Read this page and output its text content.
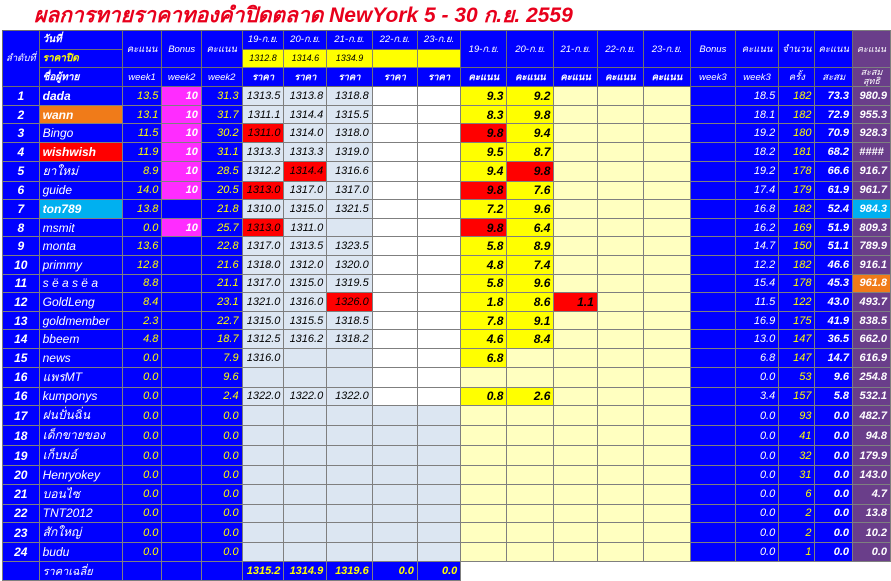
ผลการทายราคาทองคำปิดตลาด NewYork 5 - 30 ก.ย. 2559
ลำดับที่	วันที่	คะแนน	Bonus	คะแนน	19-ก.ย.	20-ก.ย.	21-ก.ย.	22-ก.ย.	23-ก.ย.	19-ก.ย.	20-ก.ย.	21-ก.ย.	22-ก.ย.	23-ก.ย.	Bonus	คะแนน	จำนวน	คะแนน	คะแนน
	ราคาปิด				1312.8	1314.6	1334.9												
	ชื่อผู้ทาย	week1	week2	week2	ราคา	ราคา	ราคา	ราคา	ราคา	คะแนน	คะแนน	คะแนน	คะแนน	คะแนน	week3	week3	ครั้ง	สะสม	สะสม
สุทธิ
1	dada	13.5	10	31.3	1313.5	1313.8	1318.8			9.3	9.2					18.5	182	73.3	980.9
2	wann	13.1	10	31.7	1311.1	1314.4	1315.5			8.3	9.8					18.1	182	72.9	955.3
3	Bingo	11.5	10	30.2	1311.0	1314.0	1318.0			9.8	9.4					19.2	180	70.9	928.3
4	wishwish	11.9	10	31.1	1313.3	1313.3	1319.0			9.5	8.7					18.2	181	68.2	####
5	ยาใหม่	8.9	10	28.5	1312.2	1314.4	1316.6			9.4	9.8					19.2	178	66.6	916.7
6	guide	14.0	10	20.5	1313.0	1317.0	1317.0			9.8	7.6					17.4	179	61.9	961.7
7	ton789	13.8		21.8	1310.0	1315.0	1321.5			7.2	9.6					16.8	182	52.4	984.3
8	msmit	0.0	10	25.7	1313.0	1311.0				9.8	6.4					16.2	169	51.9	809.3
9	monta	13.6		22.8	1317.0	1313.5	1323.5			5.8	8.9					14.7	150	51.1	789.9
10	primmy	12.8		21.6	1318.0	1312.0	1320.0			4.8	7.4					12.2	182	46.6	916.1
11	s ë a s ë a	8.8		21.1	1317.0	1315.0	1319.5			5.8	9.6					15.4	178	45.3	961.8
12	GoldLeng	8.4		23.1	1321.0	1316.0	1326.0			1.8	8.6	1.1				11.5	122	43.0	493.7
13	goldmember	2.3		22.7	1315.0	1315.5	1318.5			7.8	9.1					16.9	175	41.9	838.5
14	bbeem	4.8		18.7	1312.5	1316.2	1318.2			4.6	8.4					13.0	147	36.5	662.0
15	news	0.0		7.9	1316.0					6.8						6.8	147	14.7	616.9
16	แพรMT	0.0		9.6												0.0	53	9.6	254.8
16	kumponys	0.0		2.4	1322.0	1322.0	1322.0			0.8	2.6					3.4	157	5.8	532.1
17	ฝนปั่นฉิ่น	0.0		0.0												0.0	93	0.0	482.7
18	เด็กขายของ	0.0		0.0												0.0	41	0.0	94.8
19	เก็บมอ์	0.0		0.0												0.0	32	0.0	179.9
20	Henryokey	0.0		0.0												0.0	31	0.0	143.0
21	บอนไซ	0.0		0.0												0.0	6	0.0	4.7
22	TNT2012	0.0		0.0												0.0	2	0.0	13.8
23	สักใหญ่	0.0		0.0												0.0	2	0.0	10.2
24	budu	0.0		0.0												0.0	1	0.0	0.0
	ราคาเฉลี่ย				1315.2	1314.9	1319.6	0.0	0.0										
